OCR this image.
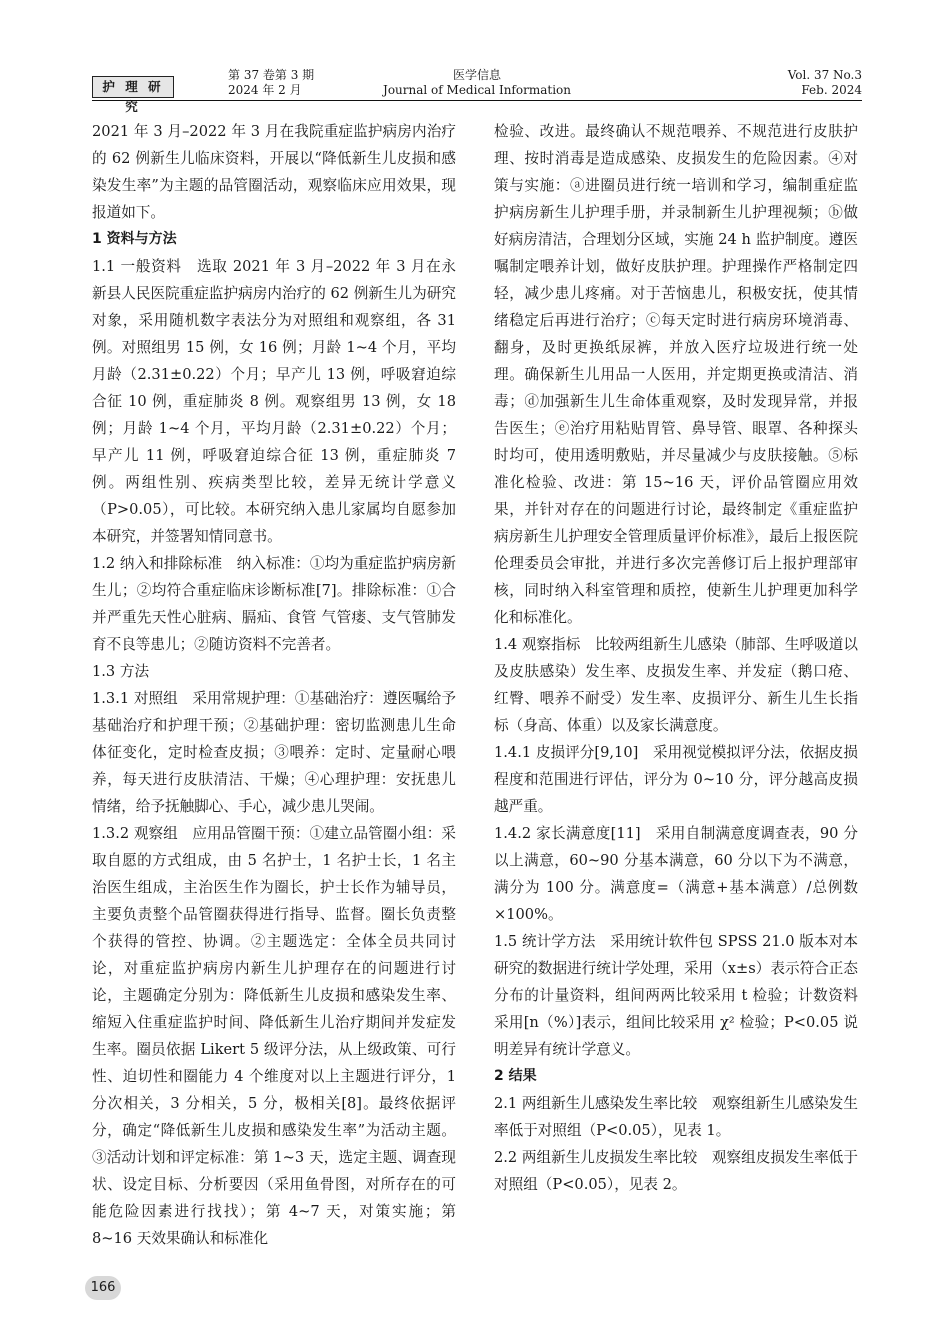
护 理 研 究
第 37 卷第 3 期
2024 年 2 月
医学信息
Journal of Medical Information
Vol. 37 No.3
Feb. 2024

2021 年 3 月–2022 年 3 月在我院重症监护病房内治疗的 62 例新生儿临床资料，开展以“降低新生儿皮损和感染发生率”为主题的品管圈活动，观察临床应用效果，现报道如下。

1 资料与方法

1.1 一般资料　选取 2021 年 3 月–2022 年 3 月在永新县人民医院重症监护病房内治疗的 62 例新生儿为研究对象，采用随机数字表法分为对照组和观察组，各 31 例。对照组男 15 例，女 16 例；月龄 1~4 个月，平均月龄（2.31±0.22）个月；早产儿 13 例，呼吸窘迫综合征 10 例，重症肺炎 8 例。观察组男 13 例，女 18 例；月龄 1~4 个月，平均月龄（2.31±0.22）个月；早产儿 11 例，呼吸窘迫综合征 13 例，重症肺炎 7 例。两组性别、疾病类型比较，差异无统计学意义（P>0.05），可比较。本研究纳入患儿家属均自愿参加本研究，并签署知情同意书。

1.2 纳入和排除标准　纳入标准：①均为重症监护病房新生儿；②均符合重症临床诊断标准[7]。排除标准：①合并严重先天性心脏病、膈疝、食管 气管瘘、支气管肺发育不良等患儿；②随访资料不完善者。

1.3 方法

1.3.1 对照组　采用常规护理：①基础治疗：遵医嘱给予基础治疗和护理干预；②基础护理：密切监测患儿生命体征变化，定时检查皮损；③喂养：定时、定量耐心喂养，每天进行皮肤清洁、干燥；④心理护理：安抚患儿情绪，给予抚触脚心、手心，减少患儿哭闹。

1.3.2 观察组　应用品管圈干预：①建立品管圈小组：采取自愿的方式组成，由 5 名护士，1 名护士长，1 名主治医生组成，主治医生作为圈长，护士长作为辅导员，主要负责整个品管圈获得进行指导、监督。圈长负责整个获得的管控、协调。②主题选定：全体全员共同讨论，对重症监护病房内新生儿护理存在的问题进行讨论，主题确定分别为：降低新生儿皮损和感染发生率、缩短入住重症监护时间、降低新生儿治疗期间并发症发生率。圈员依据 Likert 5 级评分法，从上级政策、可行性、迫切性和圈能力 4 个维度对以上主题进行评分，1 分次相关，3 分相关，5 分，极相关[8]。最终依据评分，确定“降低新生儿皮损和感染发生率”为活动主题。③活动计划和评定标准：第 1~3 天，选定主题、调查现状、设定目标、分析要因（采用鱼骨图，对所存在的可能危险因素进行找找）；第 4~7 天，对策实施；第 8~16 天效果确认和标准化

检验、改进。最终确认不规范喂养、不规范进行皮肤护理、按时消毒是造成感染、皮损发生的危险因素。④对策与实施：ⓐ进圈员进行统一培训和学习，编制重症监护病房新生儿护理手册，并录制新生儿护理视频；ⓑ做好病房清洁，合理划分区域，实施 24 h 监护制度。遵医嘱制定喂养计划，做好皮肤护理。护理操作严格制定四轻，减少患儿疼痛。对于苦恼患儿，积极安抚，使其情绪稳定后再进行治疗；ⓒ每天定时进行病房环境消毒、翻身，及时更换纸尿裤，并放入医疗垃圾进行统一处理。确保新生儿用品一人医用，并定期更换或清洁、消毒；ⓓ加强新生儿生命体重观察，及时发现异常，并报告医生；ⓔ治疗用粘贴胃管、鼻导管、眼罩、各种探头时均可，使用透明敷贴，并尽量减少与皮肤接触。⑤标准化检验、改进：第 15~16 天，评价品管圈应用效果，并针对存在的问题进行讨论，最终制定《重症监护病房新生儿护理安全管理质量评价标准》，最后上报医院伦理委员会审批，并进行多次完善修订后上报护理部审核，同时纳入科室管理和质控，使新生儿护理更加科学化和标准化。

1.4 观察指标　比较两组新生儿感染（肺部、生呼吸道以及皮肤感染）发生率、皮损发生率、并发症（鹅口疮、红臀、喂养不耐受）发生率、皮损评分、新生儿生长指标（身高、体重）以及家长满意度。

1.4.1 皮损评分[9,10]　采用视觉模拟评分法，依据皮损程度和范围进行评估，评分为 0~10 分，评分越高皮损越严重。

1.4.2 家长满意度[11]　采用自制满意度调查表，90 分以上满意，60~90 分基本满意，60 分以下为不满意，满分为 100 分。满意度=（满意+基本满意）/总例数×100%。

1.5 统计学方法　采用统计软件包 SPSS 21.0 版本对本研究的数据进行统计学处理，采用（x±s）表示符合正态分布的计量资料，组间两两比较采用 t 检验；计数资料采用[n（%）]表示，组间比较采用 χ² 检验；P<0.05 说明差异有统计学意义。

2 结果

2.1 两组新生儿感染发生率比较　观察组新生儿感染发生率低于对照组（P<0.05），见表 1。

2.2 两组新生儿皮损发生率比较　观察组皮损发生率低于对照组（P<0.05），见表 2。

166
